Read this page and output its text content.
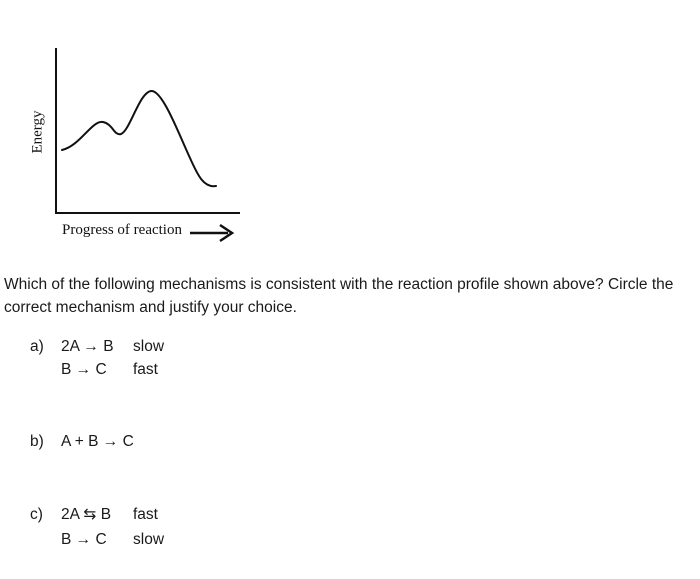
Energy
Progress of reaction
Which of the following mechanisms is consistent with the reaction profile shown above? Circle the correct mechanism and justify your choice.
a) 2A → B slow
B → C fast
b) A + B → C
c) 2A ⇆ B fast
B → C slow
